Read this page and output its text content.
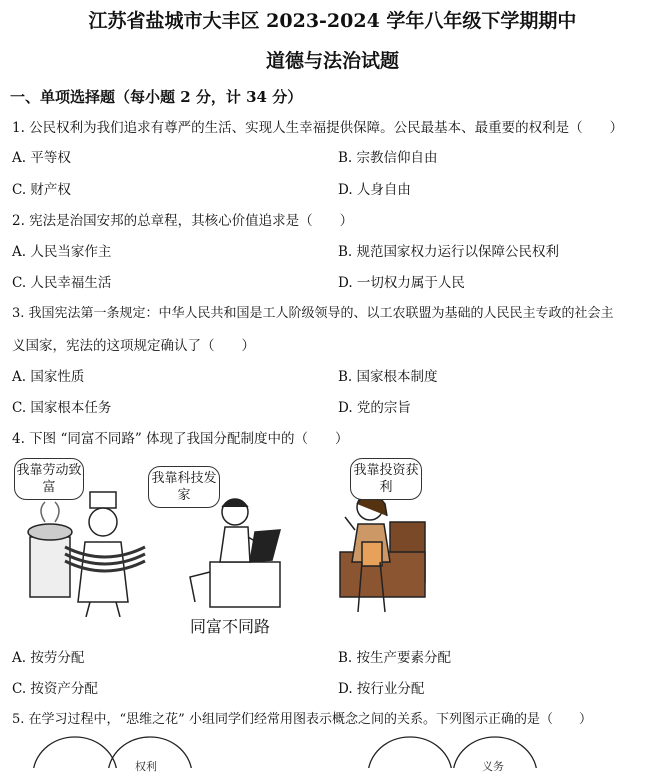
江苏省盐城市大丰区 2023-2024 学年八年级下学期期中
道德与法治试题
一、单项选择题（每小题 2 分，计 34 分）
1. 公民权利为我们追求有尊严的生活、实现人生幸福提供保障。公民最基本、最重要的权利是（　　）
A. 平等权	B. 宗教信仰自由
C. 财产权	D. 人身自由
2. 宪法是治国安邦的总章程，其核心价值追求是（　　）
A. 人民当家作主	B. 规范国家权力运行以保障公民权利
C. 人民幸福生活	D. 一切权力属于人民
3. 我国宪法第一条规定：中华人民共和国是工人阶级领导的、以工农联盟为基础的人民民主专政的社会主
义国家，宪法的这项规定确认了（　　）
A. 国家性质	B. 国家根本制度
C. 国家根本任务	D. 党的宗旨
4. 下图 “同富不同路” 体现了我国分配制度中的（　　）
我靠劳动致富
我靠科技发家
我靠投资获利
同富不同路
A. 按劳分配	B. 按生产要素分配
C. 按资产分配	D. 按行业分配
5. 在学习过程中，“思维之花” 小组同学们经常用图表示概念之间的关系。下列图示正确的是（　　）
权利	义务
